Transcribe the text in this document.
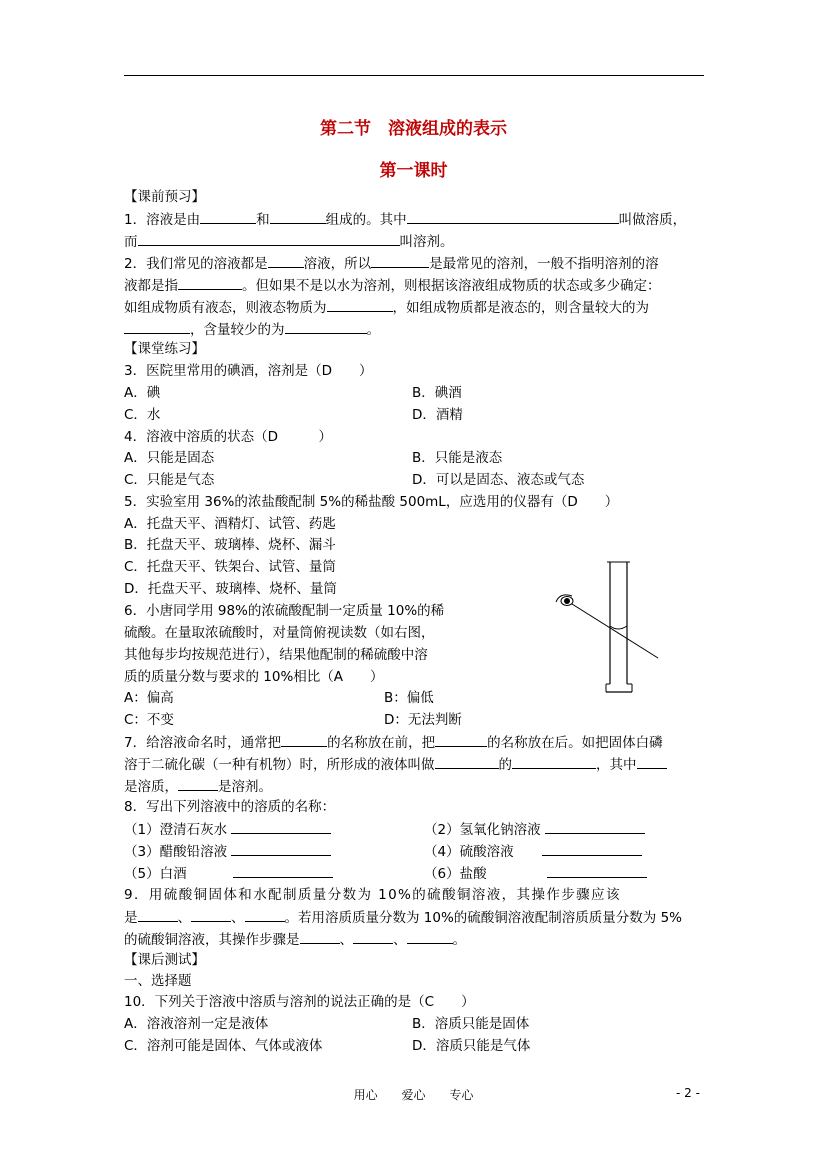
第二节　溶液组成的表示
第一课时
【课前预习】
1．溶液是由	和	组成的。其中	叫做溶质，
而	叫溶剂。
2．我们常见的溶液都是	溶液，所以	是最常见的溶剂，一般不指明溶剂的溶
液都是指	。但如果不是以水为溶剂，则根据该溶液组成物质的状态或多少确定：
如组成物质有液态，则液态物质为	，如组成物质都是液态的，则含量较大的为
，含量较少的为	。
【课堂练习】
3．医院里常用的碘酒，溶剂是（D　　）
A．碘	B．碘酒
C．水	D．酒精
4．溶液中溶质的状态（D　　　）
A．只能是固态	B．只能是液态
C．只能是气态	D．可以是固态、液态或气态
5．实验室用 36%的浓盐酸配制 5%的稀盐酸 500mL，应选用的仪器有（D　　）
A．托盘天平、酒精灯、试管、药匙
B．托盘天平、玻璃棒、烧杯、漏斗
C．托盘天平、铁架台、试管、量筒
D．托盘天平、玻璃棒、烧杯、量筒
6．小唐同学用 98%的浓硫酸配制一定质量 10%的稀
硫酸。在量取浓硫酸时，对量筒俯视读数（如右图，
其他每步均按规范进行），结果他配制的稀硫酸中溶
质的质量分数与要求的 10%相比（A　　）
A：偏高	B：偏低
C：不变	D：无法判断
7．给溶液命名时，通常把	的名称放在前，把	的名称放在后。如把固体白磷
溶于二硫化碳（一种有机物）时，所形成的液体叫做	的	，其中
是溶质，	是溶剂。
8．写出下列溶液中的溶质的名称：
（1）澄清石灰水	（2）氢氧化钠溶液
（3）醋酸铅溶液	（4）硫酸溶液
（5）白酒	（6）盐酸
9．用硫酸铜固体和水配制质量分数为 10%的硫酸铜溶液，其操作步骤应该
是	、	、	。若用溶质质量分数为 10%的硫酸铜溶液配制溶质质量分数为 5%
的硫酸铜溶液，其操作步骤是	、	、	。
【课后测试】
一、选择题
10．下列关于溶液中溶质与溶剂的说法正确的是（C　　）
A．溶液溶剂一定是液体	B．溶质只能是固体
C．溶剂可能是固体、气体或液体	D．溶质只能是气体
用心 爱心 专心	- 2 -
